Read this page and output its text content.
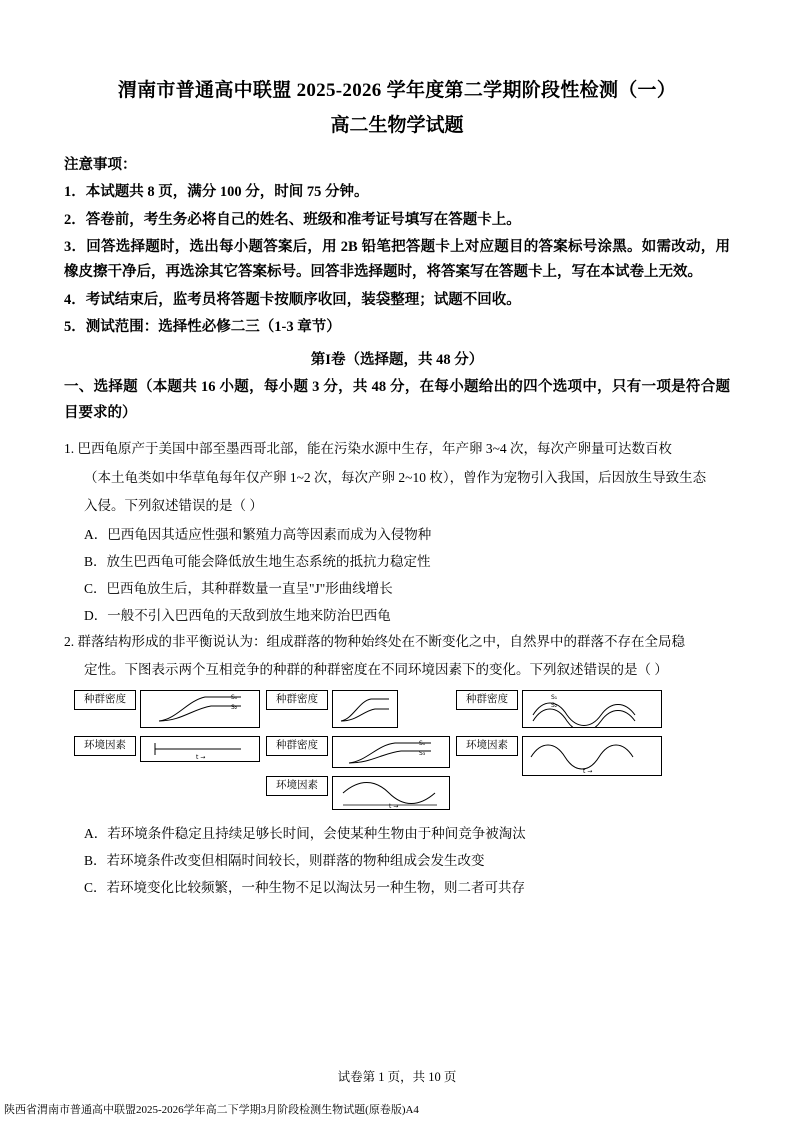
渭南市普通高中联盟 2025-2026 学年度第二学期阶段性检测（一）
高二生物学试题
注意事项：

1．本试题共 8 页，满分 100 分，时间 75 分钟。

2．答卷前，考生务必将自己的姓名、班级和准考证号填写在答题卡上。

3．回答选择题时，选出每小题答案后，用 2B 铅笔把答题卡上对应题目的答案标号涂黑。如需改动，用橡皮擦干净后，再选涂其它答案标号。回答非选择题时，将答案写在答题卡上，写在本试卷上无效。

4．考试结束后，监考员将答题卡按顺序收回，装袋整理；试题不回收。

5．测试范围：选择性必修二三（1-3 章节）

第I卷（选择题，共 48 分）

一、选择题（本题共 16 小题，每小题 3 分，共 48 分，在每小题给出的四个选项中，只有一项是符合题目要求的）

1. 巴西龟原产于美国中部至墨西哥北部，能在污染水源中生存，年产卵 3~4 次，每次产卵量可达数百枚

（本土龟类如中华草龟每年仅产卵 1~2 次，每次产卵 2~10 枚），曾作为宠物引入我国，后因放生导致生态

入侵。下列叙述错误的是（ ）

A．巴西龟因其适应性强和繁殖力高等因素而成为入侵物种

B．放生巴西龟可能会降低放生地生态系统的抵抗力稳定性

C．巴西龟放生后，其种群数量一直呈"J"形曲线增长

D．一般不引入巴西龟的天敌到放生地来防治巴西龟

2. 群落结构形成的非平衡说认为：组成群落的物种始终处在不断变化之中，自然界中的群落不存在全局稳

定性。下图表示两个互相竞争的种群的种群密度在不同环境因素下的变化。下列叙述错误的是（ ）

种群密度	S₁
S₂
环境因素
t →
种群密度
种群密度	S₁
S₃
环境因素
t →
种群密度	S₁
S₂
环境因素
t →

A．若环境条件稳定且持续足够长时间，会使某种生物由于种间竞争被淘汰

B．若环境条件改变但相隔时间较长，则群落的物种组成会发生改变

C．若环境变化比较频繁，一种生物不足以淘汰另一种生物，则二者可共存

试卷第 1 页，共 10 页
陕西省渭南市普通高中联盟2025-2026学年高二下学期3月阶段检测生物试题(原卷版)A4
